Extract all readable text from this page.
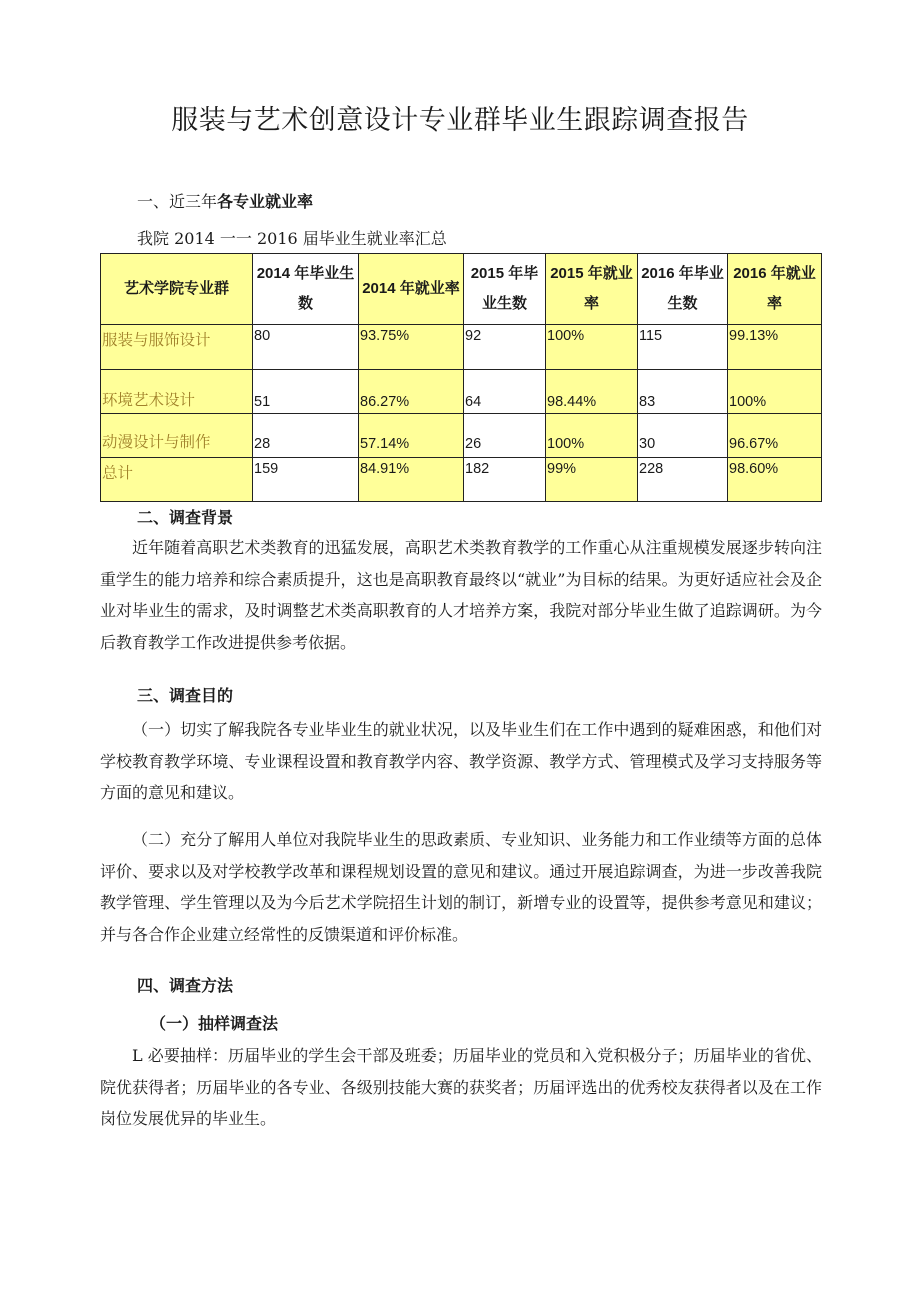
服装与艺术创意设计专业群毕业生跟踪调查报告
一、近三年各专业就业率
我院 2014 一一 2016 届毕业生就业率汇总
艺术学院专业群	2014 年毕业生数	2014 年就业率	2015 年毕业生数	2015 年就业率	2016 年毕业生数	2016 年就业率
服装与服饰设计	80	93.75%	92	100%	115	99.13%
环境艺术设计	51	86.27%	64	98.44%	83	100%
动漫设计与制作	28	57.14%	26	100%	30	96.67%
总计	159	84.91%	182	99%	228	98.60%
二、调查背景

近年随着高职艺术类教育的迅猛发展，高职艺术类教育教学的工作重心从注重规模发展逐步转向注重学生的能力培养和综合素质提升，这也是高职教育最终以“就业”为目标的结果。为更好适应社会及企业对毕业生的需求，及时调整艺术类高职教育的人才培养方案，我院对部分毕业生做了追踪调研。为今后教育教学工作改进提供参考依据。

三、调查目的

（一）切实了解我院各专业毕业生的就业状况，以及毕业生们在工作中遇到的疑难困惑，和他们对学校教育教学环境、专业课程设置和教育教学内容、教学资源、教学方式、管理模式及学习支持服务等方面的意见和建议。

（二）充分了解用人单位对我院毕业生的思政素质、专业知识、业务能力和工作业绩等方面的总体评价、要求以及对学校教学改革和课程规划设置的意见和建议。通过开展追踪调查，为进一步改善我院教学管理、学生管理以及为今后艺术学院招生计划的制订，新增专业的设置等，提供参考意见和建议；并与各合作企业建立经常性的反馈渠道和评价标准。

四、调查方法
（一）抽样调查法

L 必要抽样：历届毕业的学生会干部及班委；历届毕业的党员和入党积极分子；历届毕业的省优、院优获得者；历届毕业的各专业、各级别技能大赛的获奖者；历届评选出的优秀校友获得者以及在工作岗位发展优异的毕业生。
